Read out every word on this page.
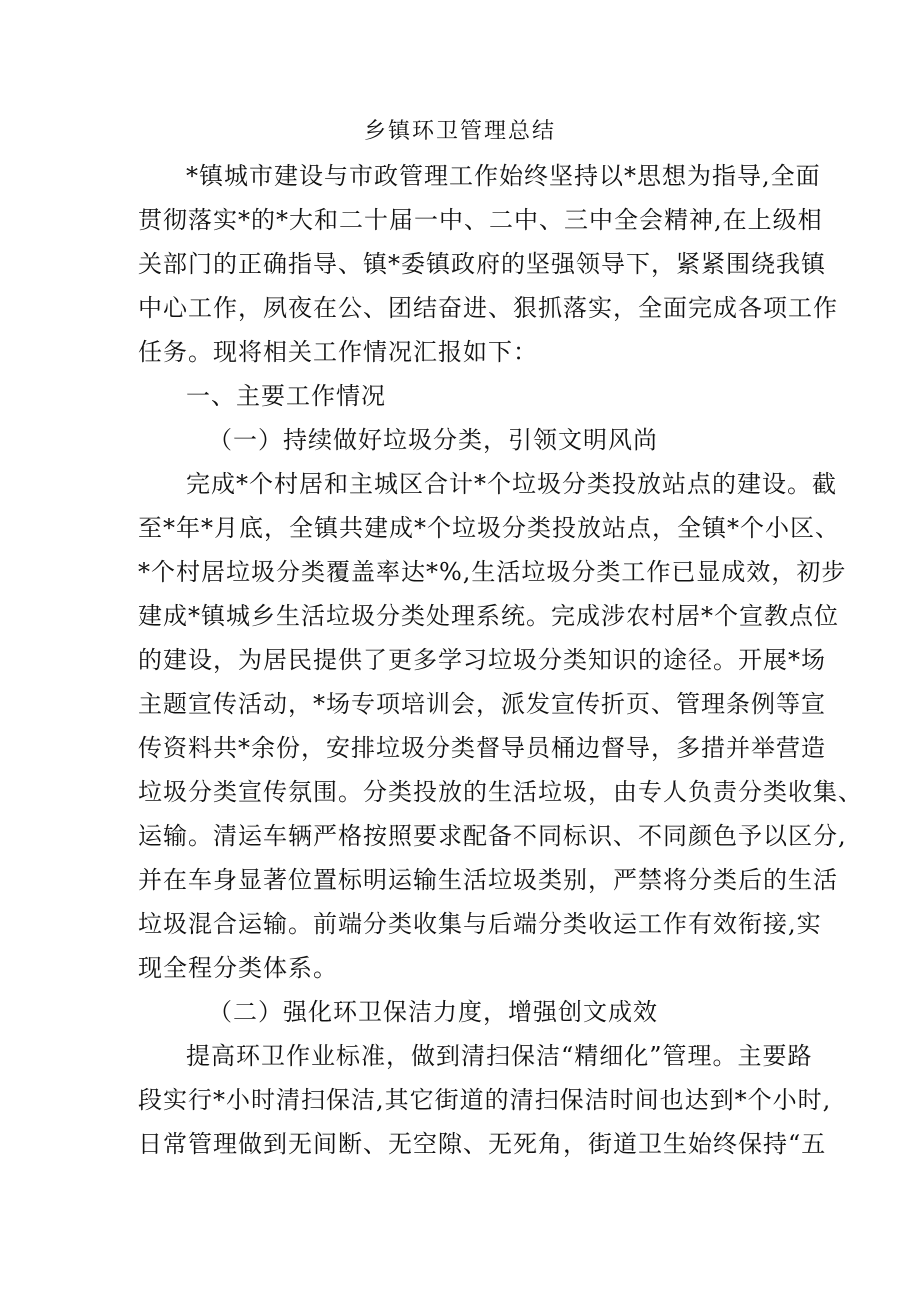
乡镇环卫管理总结
*镇城市建设与市政管理工作始终坚持以*思想为指导,全面
贯彻落实*的*大和二十届一中、二中、三中全会精神,在上级相
关部门的正确指导、镇*委镇政府的坚强领导下，紧紧围绕我镇
中心工作，夙夜在公、团结奋进、狠抓落实，全面完成各项工作
任务。现将相关工作情况汇报如下：
一、主要工作情况
（一）持续做好垃圾分类，引领文明风尚
完成*个村居和主城区合计*个垃圾分类投放站点的建设。截
至*年*月底，全镇共建成*个垃圾分类投放站点，全镇*个小区、
*个村居垃圾分类覆盖率达*%,生活垃圾分类工作已显成效，初步
建成*镇城乡生活垃圾分类处理系统。完成涉农村居*个宣教点位
的建设，为居民提供了更多学习垃圾分类知识的途径。开展*场
主题宣传活动，*场专项培训会，派发宣传折页、管理条例等宣
传资料共*余份，安排垃圾分类督导员桶边督导，多措并举营造
垃圾分类宣传氛围。分类投放的生活垃圾，由专人负责分类收集、
运输。清运车辆严格按照要求配备不同标识、不同颜色予以区分,
并在车身显著位置标明运输生活垃圾类别，严禁将分类后的生活
垃圾混合运输。前端分类收集与后端分类收运工作有效衔接,实
现全程分类体系。
（二）强化环卫保洁力度，增强创文成效
提高环卫作业标准，做到清扫保洁“精细化”管理。主要路
段实行*小时清扫保洁,其它街道的清扫保洁时间也达到*个小时,
日常管理做到无间断、无空隙、无死角，街道卫生始终保持“五
